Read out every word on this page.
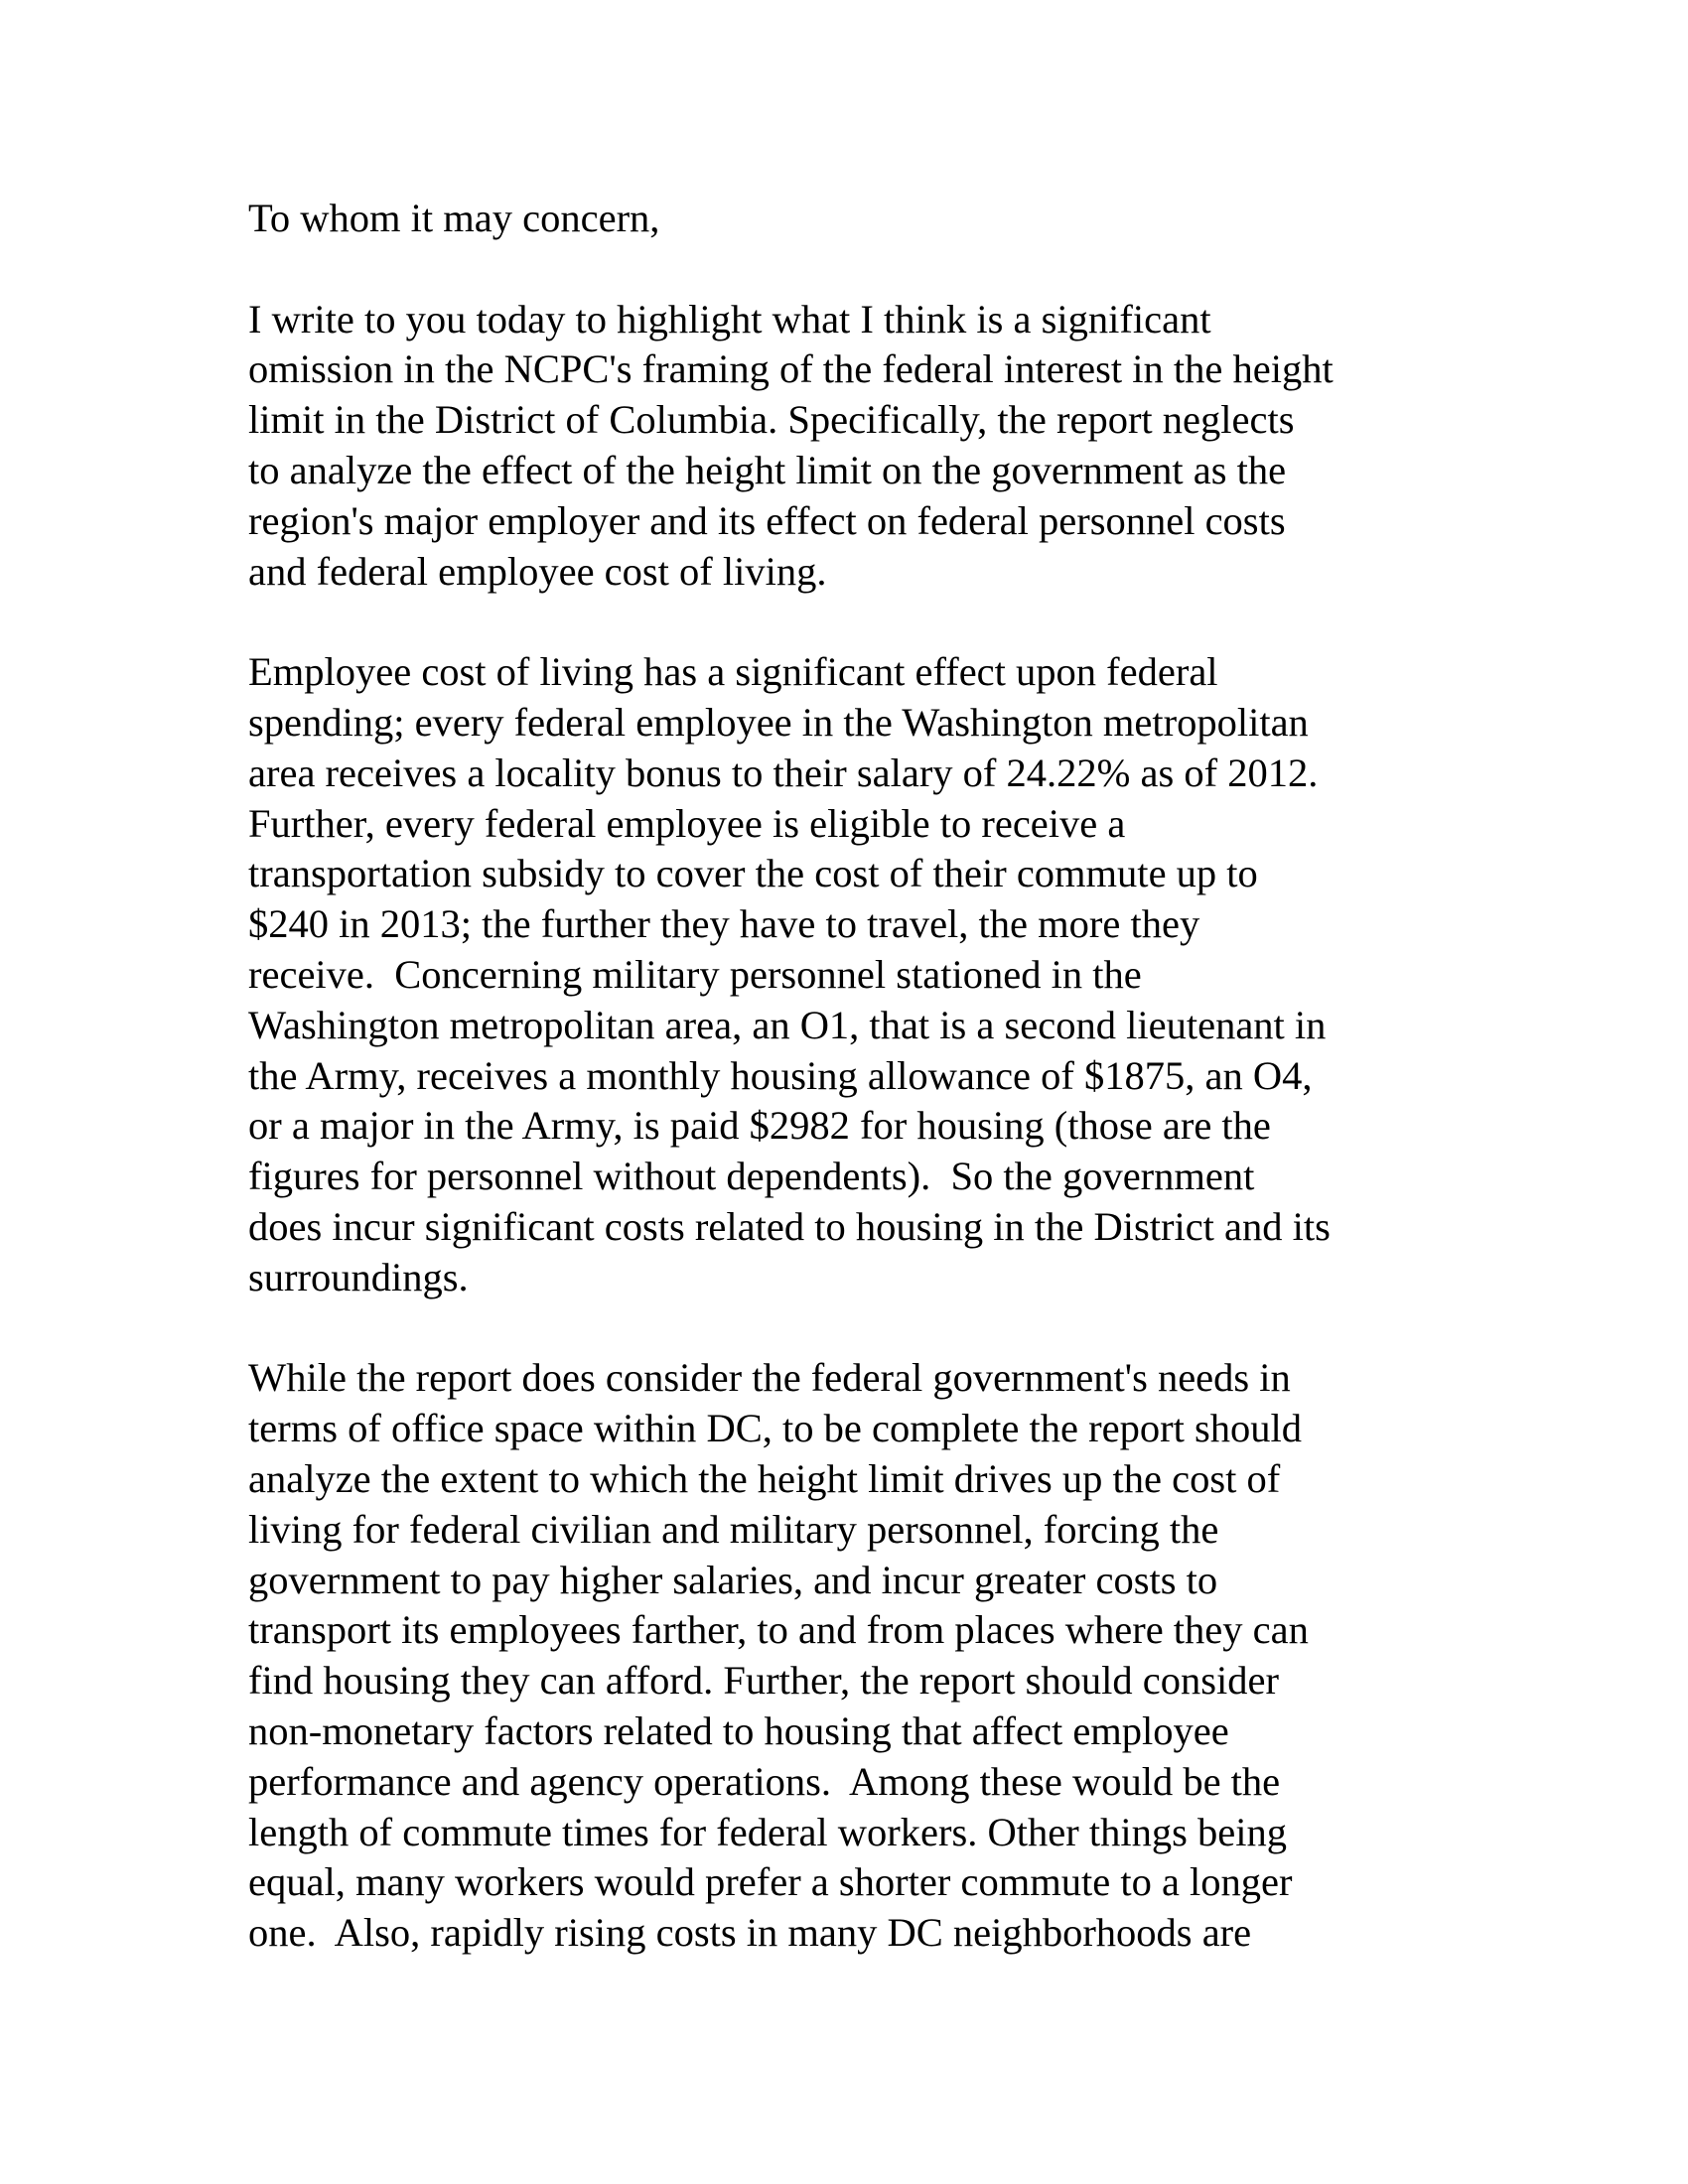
To whom it may concern,

I write to you today to highlight what I think is a significant
omission in the NCPC's framing of the federal interest in the height
limit in the District of Columbia. Specifically, the report neglects
to analyze the effect of the height limit on the government as the
region's major employer and its effect on federal personnel costs
and federal employee cost of living.
Employee cost of living has a significant effect upon federal
spending; every federal employee in the Washington metropolitan
area receives a locality bonus to their salary of 24.22% as of 2012.
Further, every federal employee is eligible to receive a
transportation subsidy to cover the cost of their commute up to
$240 in 2013; the further they have to travel, the more they
receive.  Concerning military personnel stationed in the
Washington metropolitan area, an O1, that is a second lieutenant in
the Army, receives a monthly housing allowance of $1875, an O4,
or a major in the Army, is paid $2982 for housing (those are the
figures for personnel without dependents).  So the government
does incur significant costs related to housing in the District and its
surroundings.
While the report does consider the federal government's needs in
terms of office space within DC, to be complete the report should
analyze the extent to which the height limit drives up the cost of
living for federal civilian and military personnel, forcing the
government to pay higher salaries, and incur greater costs to
transport its employees farther, to and from places where they can
find housing they can afford. Further, the report should consider
non-monetary factors related to housing that affect employee
performance and agency operations.  Among these would be the
length of commute times for federal workers. Other things being
equal, many workers would prefer a shorter commute to a longer
one.  Also, rapidly rising costs in many DC neighborhoods are
